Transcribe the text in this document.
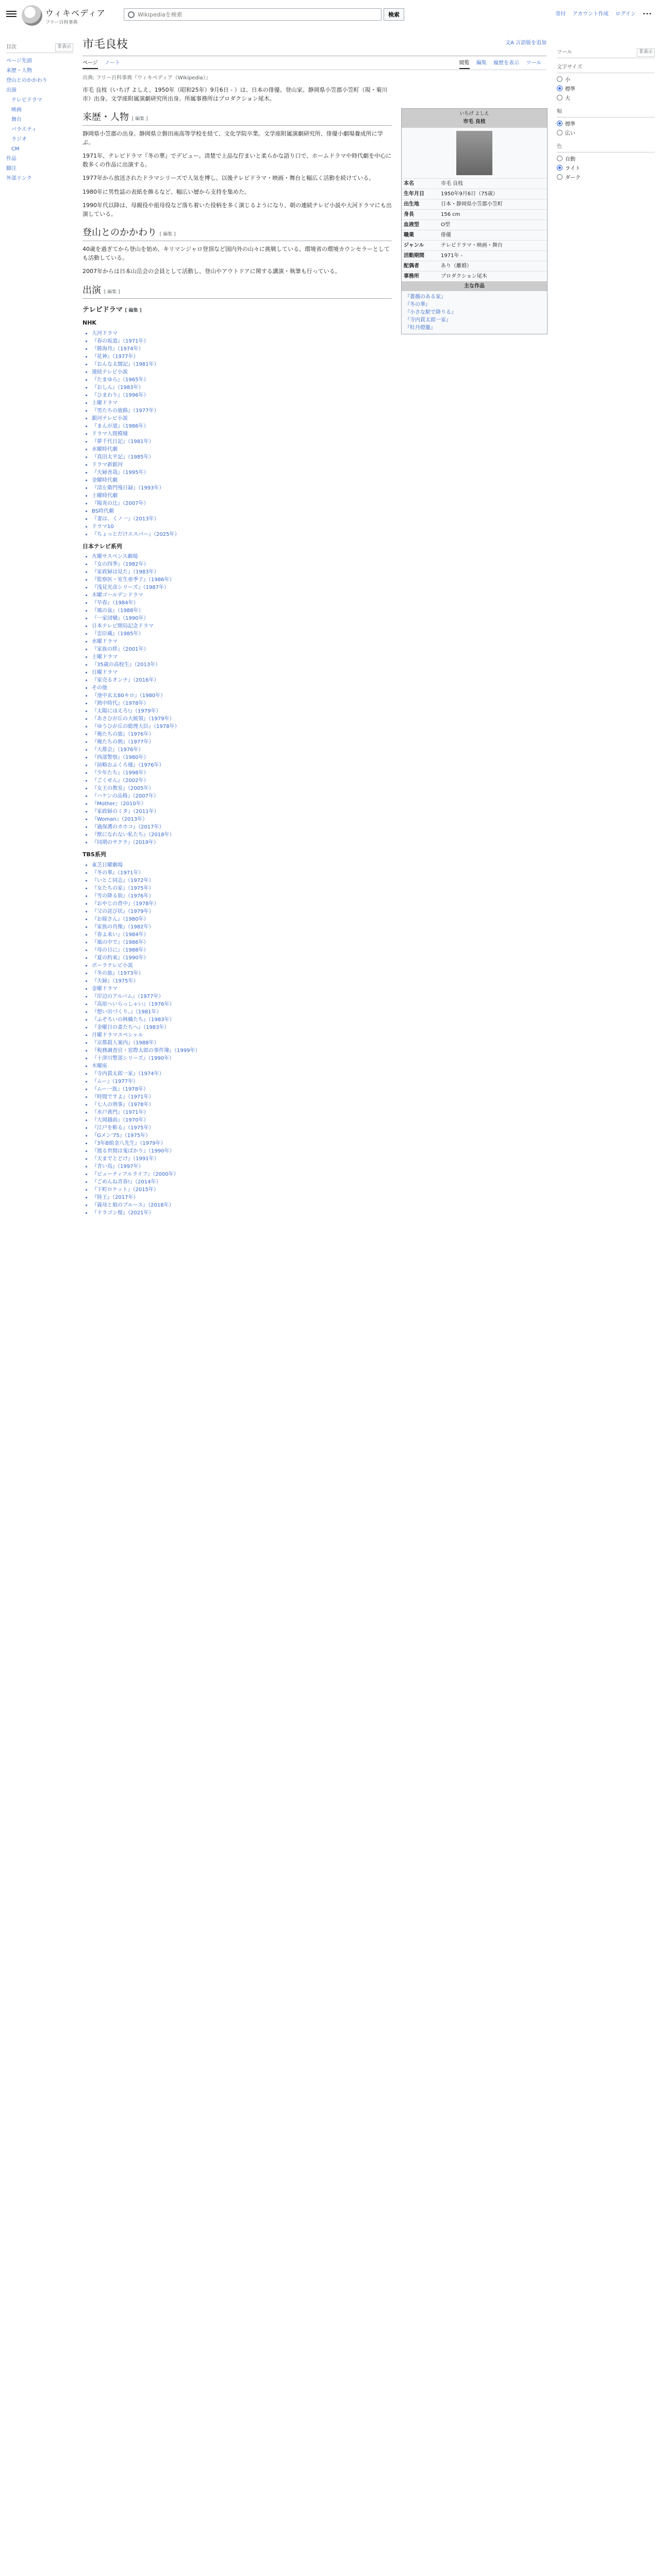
ウィキペディア
フリー百科事典
Wikipediaを検索
検索	寄付 アカウント作成 ログイン •••
目次	非表示
ページ先頭
来歴・人物
登山とのかかわり
出演
テレビドラマ
映画
舞台
バラエティ
ラジオ
CM
作品
脚注
外部リンク
市毛良枝	文A 言語版を追加
ページ ノート	閲覧 編集 履歴を表示 ツール
出典: フリー百科事典『ウィキペディア（Wikipedia）』
いちげ よしえ
市毛 良枝
本名	市毛 良枝
生年月日	1950年9月6日（75歳）
出生地	日本・静岡県小笠郡小笠町
身長	156 cm
血液型	O型
職業	俳優
ジャンル	テレビドラマ・映画・舞台
活動期間	1971年 -
配偶者	あり（離婚）
事務所	プロダクション尾木
主な作品
『薔薇のある家』
『冬の華』
『小さな駅で降りる』
『寺内貫太郎一家』
『牡丹燈籠』

市毛 良枝（いちげ よしえ、1950年（昭和25年）9月6日 - ）は、日本の俳優、登山家。静岡県小笠郡小笠町（現・菊川市）出身。文学座附属演劇研究所出身。所属事務所はプロダクション尾木。

来歴・人物 [ 編集 ]

静岡県小笠郡の出身。静岡県立磐田南高等学校を経て、文化学院卒業。文学座附属演劇研究所、俳優小劇場養成所に学ぶ。

1971年、テレビドラマ『冬の華』でデビュー。清楚で上品な佇まいと柔らかな語り口で、ホームドラマや時代劇を中心に数多くの作品に出演する。

1977年から放送されたドラマシリーズで人気を博し、以後テレビドラマ・映画・舞台と幅広く活動を続けている。

1980年に男性誌の表紙を飾るなど、幅広い層から支持を集めた。

1990年代以降は、母親役や祖母役など落ち着いた役柄を多く演じるようになり、朝の連続テレビ小説や大河ドラマにも出演している。

登山とのかかわり [ 編集 ]

40歳を過ぎてから登山を始め、キリマンジャロ登頂など国内外の山々に挑戦している。環境省の環境カウンセラーとしても活動している。

2007年からは日本山岳会の会員として活動し、登山やアウトドアに関する講演・執筆も行っている。

出演 [ 編集 ]
テレビドラマ [ 編集 ]
NHK
• 大河ドラマ
• 『春の坂道』（1971年）
• 『勝海舟』（1974年）
• 『花神』（1977年）
• 『おんな太閤記』（1981年）
• 連続テレビ小説
• 『たまゆら』（1965年）
• 『おしん』（1983年）
• 『ひまわり』（1996年）
• 土曜ドラマ
• 『男たちの旅路』（1977年）
• 銀河テレビ小説
• 『まんが道』（1986年）
• ドラマ人間模様
• 『夢千代日記』（1981年）
• 水曜時代劇
• 『真田太平記』（1985年）
• ドラマ新銀河
• 『夫婦善哉』（1995年）
• 金曜時代劇
• 『清左衛門残日録』（1993年）
• 土曜時代劇
• 『陽炎の辻』（2007年）
• BS時代劇
• 『妻は、くノ一』（2013年）
• ドラマ10
• 『ちょっとだけエスパー』（2025年）
日本テレビ系列
• 火曜サスペンス劇場
• 『女の四季』（1982年）
• 『家政婦は見た』（1983年）
• 『監察医・室生亜季子』（1986年）
• 『浅見光彦シリーズ』（1987年）
• 木曜ゴールデンドラマ
• 『早春』（1984年）
• 『風の盆』（1988年）
• 『一家団欒』（1990年）
• 日本テレビ開局記念ドラマ
• 『忠臣蔵』（1985年）
• 水曜ドラマ
• 『家族の絆』（2001年）
• 土曜ドラマ
• 『35歳の高校生』（2013年）
• 日曜ドラマ
• 『家売るオンナ』（2016年）
• その他
• 『池中玄太80キロ』（1980年）
• 『熱中時代』（1978年）
• 『太陽にほえろ!』（1979年）
• 『あさひが丘の大統領』（1979年）
• 『ゆうひが丘の総理大臣』（1978年）
• 『俺たちの旅』（1976年）
• 『俺たちの朝』（1977年）
• 『大都会』（1976年）
• 『西部警察』（1980年）
• 『前略おふくろ様』（1976年）
• 『少年たち』（1998年）
• 『ごくせん』（2002年）
• 『女王の教室』（2005年）
• 『ハケンの品格』（2007年）
• 『Mother』（2010年）
• 『家政婦のミタ』（2011年）
• 『Woman』（2013年）
• 『過保護のカホコ』（2017年）
• 『獣になれない私たち』（2018年）
• 『同期のサクラ』（2019年）
TBS系列
• 東芝日曜劇場
• 『冬の華』（1971年）
• 『いとこ同志』（1972年）
• 『女たちの家』（1975年）
• 『雪の降る街』（1976年）
• 『おやじの背中』（1978年）
• 『父の詫び状』（1979年）
• 『お嫁さん』（1980年）
• 『家族の肖像』（1982年）
• 『春よ来い』（1984年）
• 『風の中で』（1986年）
• 『母の日に』（1988年）
• 『夏の約束』（1990年）
• ポーラテレビ小説
• 『冬の旅』（1973年）
• 『夫婦』（1975年）
• 金曜ドラマ
• 『岸辺のアルバム』（1977年）
• 『高原へいらっしゃい』（1976年）
• 『想い出づくり。』（1981年）
• 『ふぞろいの林檎たち』（1983年）
• 『金曜日の妻たちへ』（1983年）
• 月曜ドラマスペシャル
• 『京都殺人案内』（1988年）
• 『税務調査官・窓際太郎の事件簿』（1999年）
• 『十津川警部シリーズ』（1990年）
• 木曜座
• 『寺内貫太郎一家』（1974年）
• 『ムー』（1977年）
• 『ムー一族』（1978年）
• 『時間ですよ』（1971年）
• 『七人の刑事』（1978年）
• 『水戸黄門』（1971年）
• 『大岡越前』（1970年）
• 『江戸を斬る』（1975年）
• 『Gメン’75』（1975年）
• 『3年B組金八先生』（1979年）
• 『渡る世間は鬼ばかり』（1990年）
• 『天までとどけ』（1991年）
• 『青い鳥』（1997年）
• 『ビューティフルライフ』（2000年）
• 『ごめんね青春!』（2014年）
• 『下町ロケット』（2015年）
• 『陸王』（2017年）
• 『義母と娘のブルース』（2018年）
• 『ドラゴン桜』（2021年）
ツール	非表示
文字サイズ
小
標準
大
幅
標準
広い
色
自動
ライト
ダーク
